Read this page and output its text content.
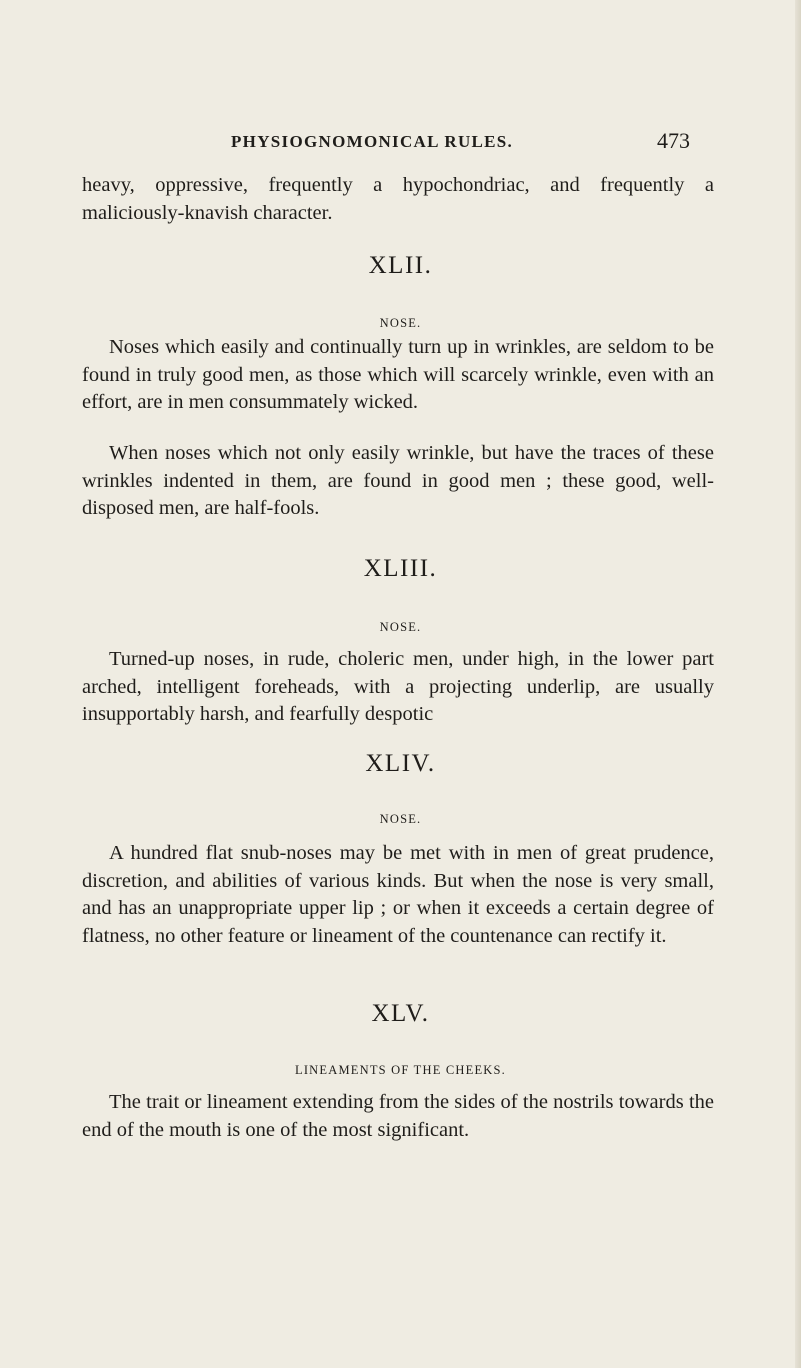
PHYSIOGNOMONICAL RULES.	473

heavy, oppressive, frequently a hypochondriac, and frequently a maliciously-knavish character.

XLII.
NOSE.

Noses which easily and continually turn up in wrinkles, are seldom to be found in truly good men, as those which will scarcely wrinkle, even with an effort, are in men consummately wicked.

When noses which not only easily wrinkle, but have the traces of these wrinkles indented in them, are found in good men ; these good, well-disposed men, are half-fools.

XLIII.
NOSE.

Turned-up noses, in rude, choleric men, under high, in the lower part arched, intelligent foreheads, with a projecting underlip, are usually insupportably harsh, and fearfully despotic

XLIV.
NOSE.

A hundred flat snub-noses may be met with in men of great prudence, discretion, and abilities of various kinds. But when the nose is very small, and has an unappropriate upper lip ; or when it exceeds a certain degree of flatness, no other feature or lineament of the countenance can rectify it.

XLV.
LINEAMENTS OF THE CHEEKS.

The trait or lineament extending from the sides of the nostrils towards the end of the mouth is one of the most significant.
